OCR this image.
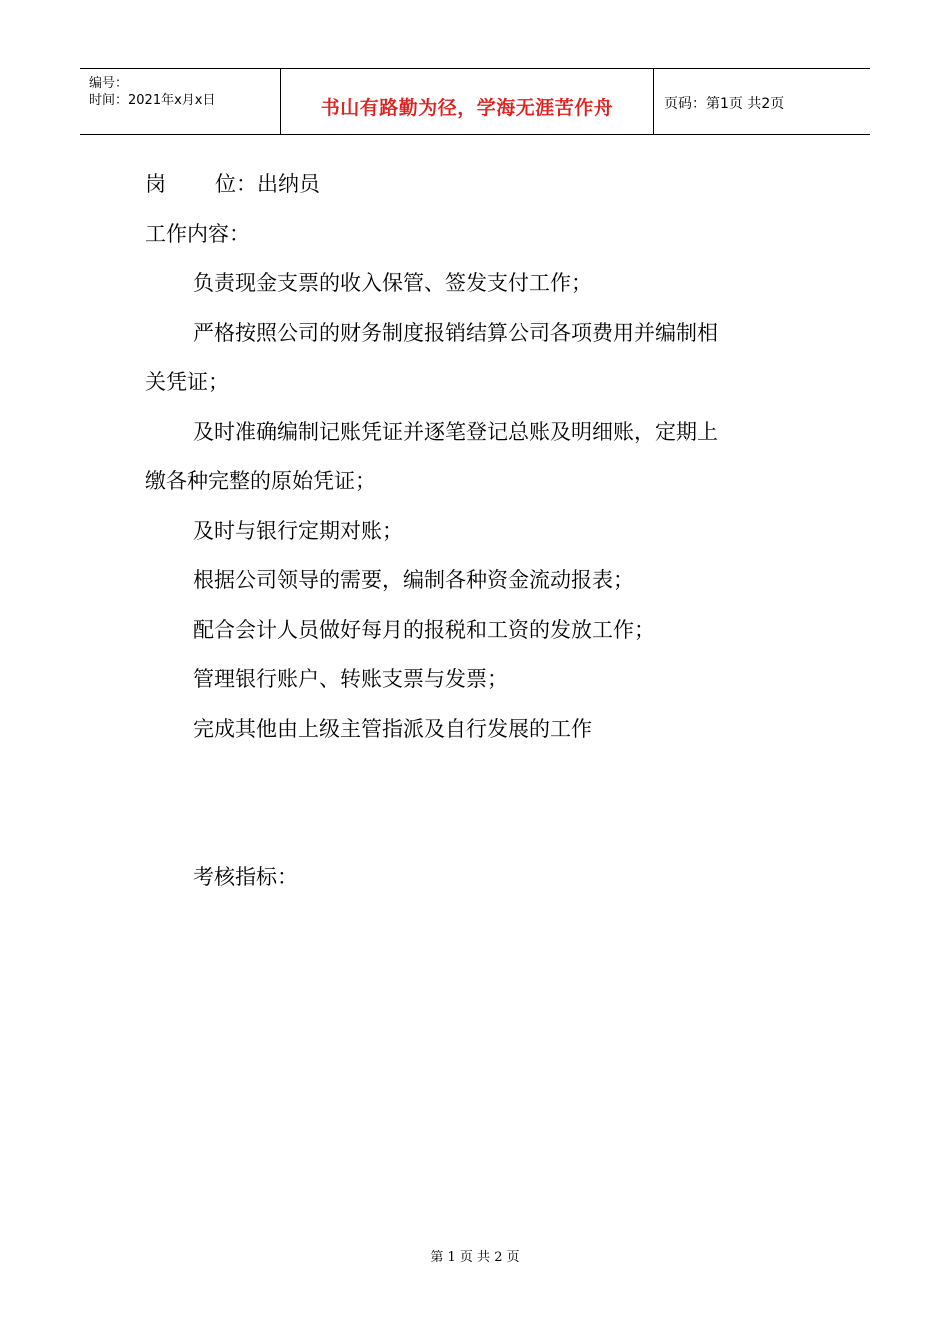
编号：
时间：2021年x月x日	书山有路勤为径，学海无涯苦作舟	页码：第1页 共2页
岗 位：出纳员
工作内容：
负责现金支票的收入保管、签发支付工作；
严格按照公司的财务制度报销结算公司各项费用并编制相
关凭证；
及时准确编制记账凭证并逐笔登记总账及明细账，定期上
缴各种完整的原始凭证；
及时与银行定期对账；
根据公司领导的需要，编制各种资金流动报表；
配合会计人员做好每月的报税和工资的发放工作；
管理银行账户、转账支票与发票；
完成其他由上级主管指派及自行发展的工作
考核指标：
第 1 页 共 2 页
